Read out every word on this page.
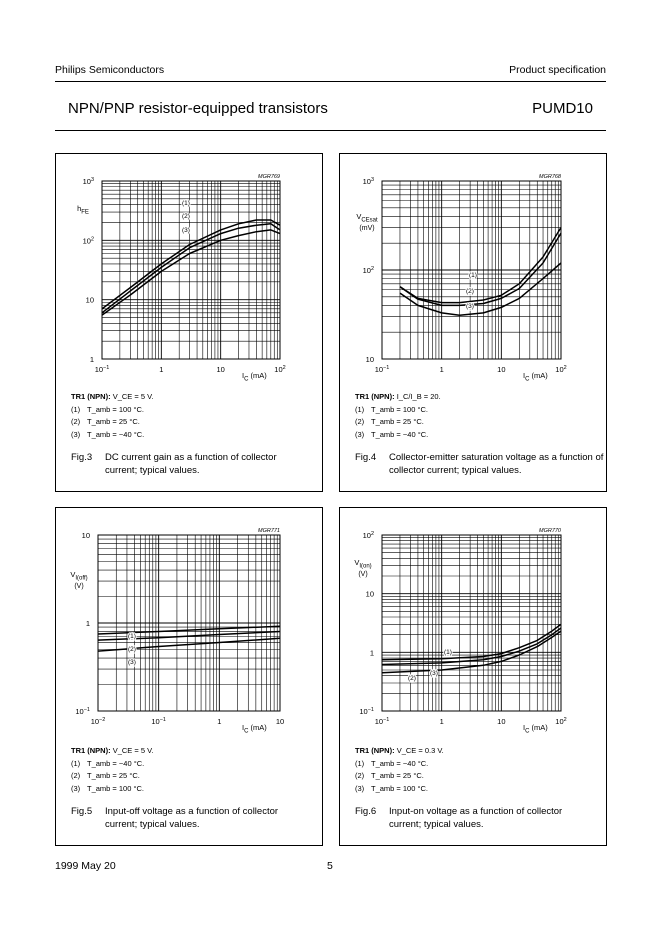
Philips Semiconductors	Product specification
NPN/PNP resistor-equipped transistors	PUMD10
MGR769
$10^{-1}$	1	10	$10^2$
1
10
$10^2$
$10^3$
$I_C$ (mA)
$h_{FE}$
(1)
(2)
(3)
TR1 (NPN): V_CE = 5 V.
(1) T_amb = 100 °C.
(2) T_amb = 25 °C.
(3) T_amb = −40 °C.
Fig.3 DC current gain as a function of collector current; typical values.
MGR768
$10^{-1}$	1	10	$10^2$
10
$10^2$
$10^3$
$I_C$ (mA)
$V_{CEsat}$
(mV)
(1)
(2)
(3)
TR1 (NPN): I_C/I_B = 20.
(1) T_amb = 100 °C.
(2) T_amb = 25 °C.
(3) T_amb = −40 °C.
Fig.4 Collector-emitter saturation voltage as a function of collector current; typical values.
MGR771
$10^{-2}$	$10^{-1}$	1	10
$10^{-1}$
1
10
$I_C$ (mA)
$V_{I(off)}$
(V)
(1)
(2)
(3)
TR1 (NPN): V_CE = 5 V.
(1) T_amb = −40 °C.
(2) T_amb = 25 °C.
(3) T_amb = 100 °C.
Fig.5 Input-off voltage as a function of collector current; typical values.
MGR770
$10^{-1}$	1	10	$10^2$
$10^{-1}$
1
10
$10^2$
$I_C$ (mA)
$V_{I(on)}$
(V)
(1)
(2)
(3)
TR1 (NPN): V_CE = 0.3 V.
(1) T_amb = −40 °C.
(2) T_amb = 25 °C.
(3) T_amb = 100 °C.
Fig.6 Input-on voltage as a function of collector current; typical values.
1999 May 20	5
